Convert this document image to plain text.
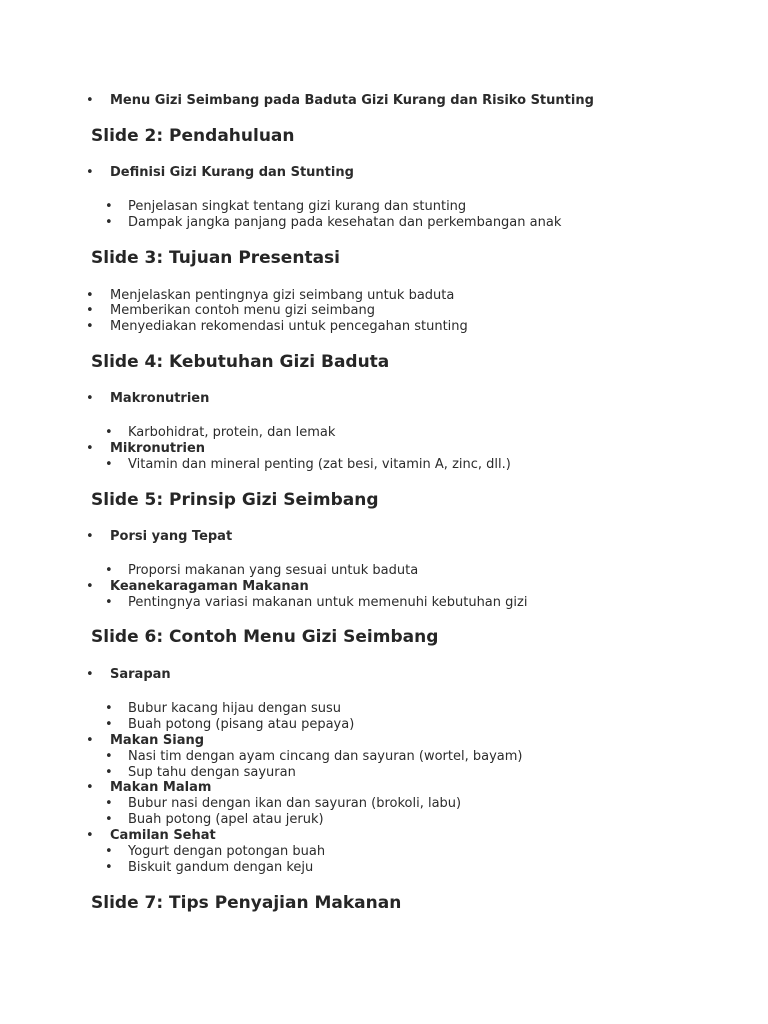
• Menu Gizi Seimbang pada Baduta Gizi Kurang dan Risiko Stunting
Slide 2: Pendahuluan
• Definisi Gizi Kurang dan Stunting
• Penjelasan singkat tentang gizi kurang dan stunting
• Dampak jangka panjang pada kesehatan dan perkembangan anak
Slide 3: Tujuan Presentasi
• Menjelaskan pentingnya gizi seimbang untuk baduta
• Memberikan contoh menu gizi seimbang
• Menyediakan rekomendasi untuk pencegahan stunting
Slide 4: Kebutuhan Gizi Baduta
• Makronutrien
• Karbohidrat, protein, dan lemak
• Mikronutrien
• Vitamin dan mineral penting (zat besi, vitamin A, zinc, dll.)
Slide 5: Prinsip Gizi Seimbang
• Porsi yang Tepat
• Proporsi makanan yang sesuai untuk baduta
• Keanekaragaman Makanan
• Pentingnya variasi makanan untuk memenuhi kebutuhan gizi
Slide 6: Contoh Menu Gizi Seimbang
• Sarapan
• Bubur kacang hijau dengan susu
• Buah potong (pisang atau pepaya)
• Makan Siang
• Nasi tim dengan ayam cincang dan sayuran (wortel, bayam)
• Sup tahu dengan sayuran
• Makan Malam
• Bubur nasi dengan ikan dan sayuran (brokoli, labu)
• Buah potong (apel atau jeruk)
• Camilan Sehat
• Yogurt dengan potongan buah
• Biskuit gandum dengan keju
Slide 7: Tips Penyajian Makanan
